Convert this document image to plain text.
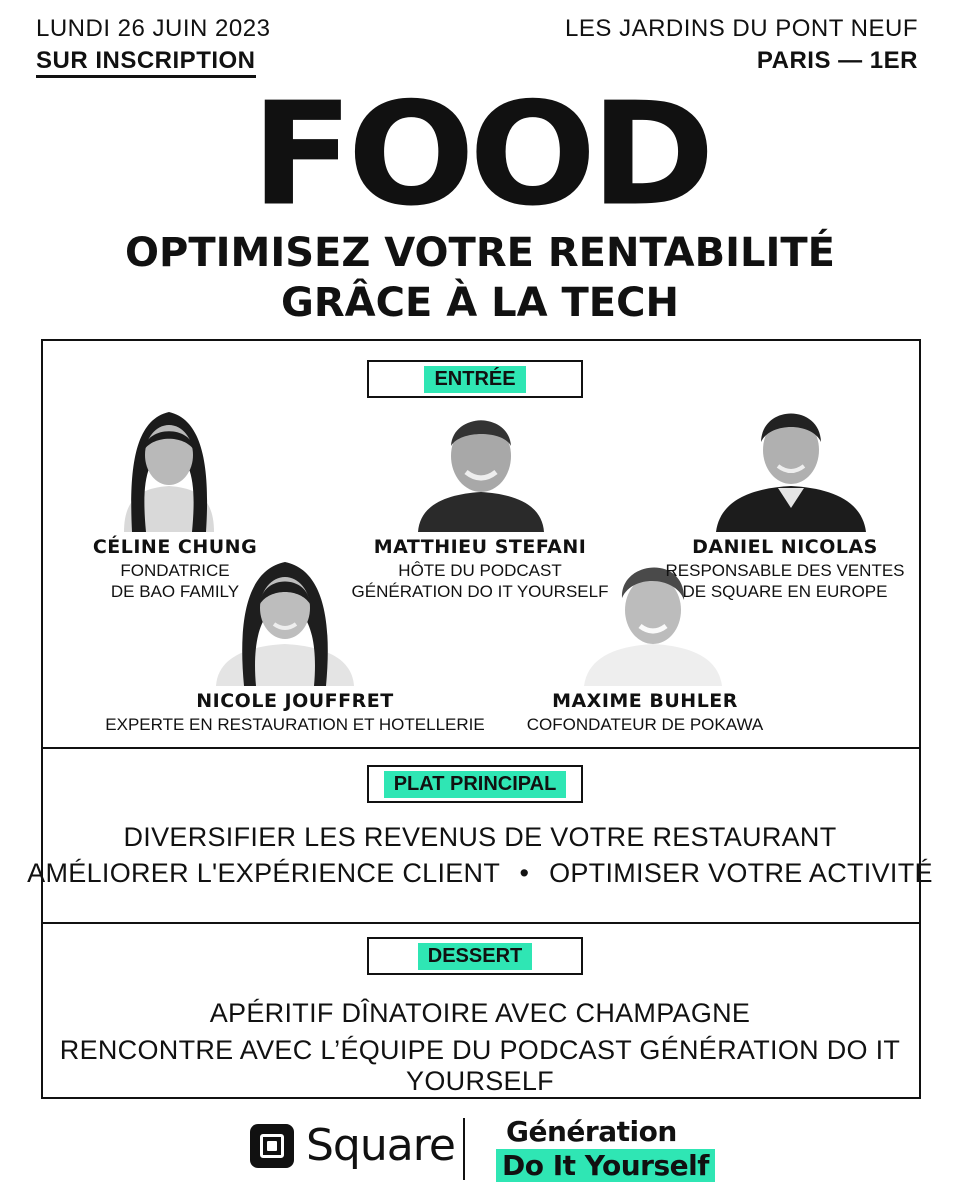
LUNDI 26 JUIN 2023
SUR INSCRIPTION
LES JARDINS DU PONT NEUF
PARIS — 1ER
FOOD
OPTIMISEZ VOTRE RENTABILITÉ
GRÂCE À LA TECH
ENTRÉE
CÉLINE CHUNG
FONDATRICE
DE BAO FAMILY
MATTHIEU STEFANI
HÔTE DU PODCAST
GÉNÉRATION DO IT YOURSELF
DANIEL NICOLAS
RESPONSABLE DES VENTES
DE SQUARE EN EUROPE
NICOLE JOUFFRET
EXPERTE EN RESTAURATION ET HOTELLERIE
MAXIME BUHLER
COFONDATEUR DE POKAWA
PLAT PRINCIPAL
DIVERSIFIER LES REVENUS DE VOTRE RESTAURANT
AMÉLIORER L'EXPÉRIENCE CLIENT • OPTIMISER VOTRE ACTIVITÉ
DESSERT
APÉRITIF DÎNATOIRE AVEC CHAMPAGNE
RENCONTRE AVEC L’ÉQUIPE DU PODCAST GÉNÉRATION DO IT YOURSELF
Square Génération
Do It Yourself
